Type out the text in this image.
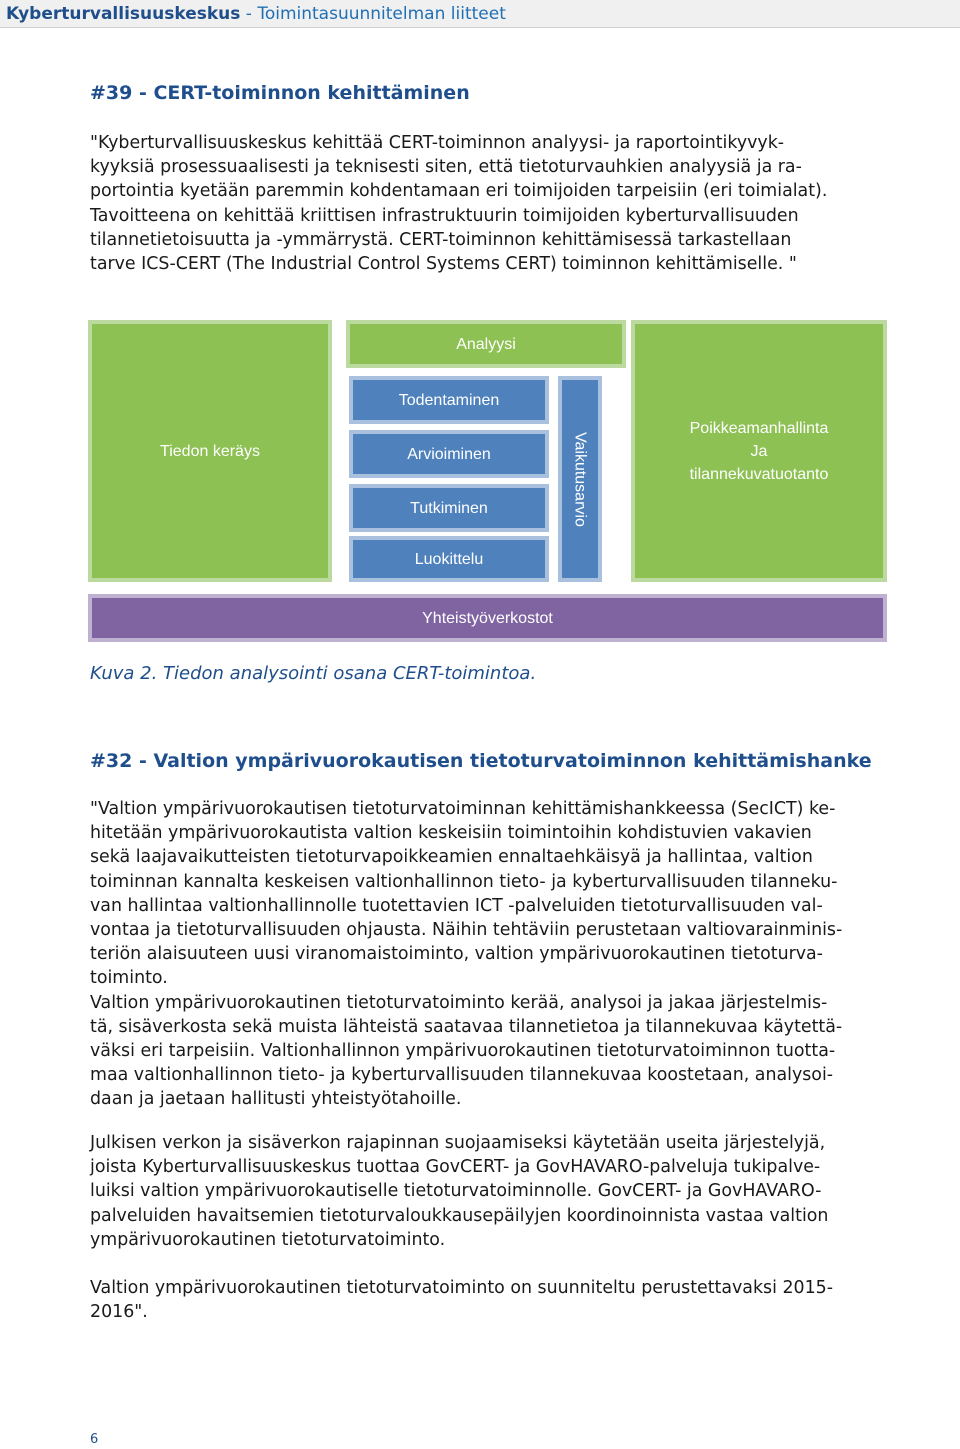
Kyberturvallisuuskeskus - Toimintasuunnitelman liitteet
#39 - CERT-toiminnon kehittäminen
"Kyberturvallisuuskeskus kehittää CERT-toiminnon analyysi- ja raportointikyvyk-
kyyksiä prosessuaalisesti ja teknisesti siten, että tietoturvauhkien analyysiä ja ra-
portointia kyetään paremmin kohdentamaan eri toimijoiden tarpeisiin (eri toimialat).
Tavoitteena on kehittää kriittisen infrastruktuurin toimijoiden kyberturvallisuuden
tilannetietoisuutta ja -ymmärrystä. CERT-toiminnon kehittämisessä tarkastellaan
tarve ICS-CERT (The Industrial Control Systems CERT) toiminnon kehittämiselle. "
Tiedon keräys
Analyysi
Todentaminen
Arvioiminen
Tutkiminen
Luokittelu
Vaikutusarvio
Poikkeamanhallinta
Ja
tilannekuvatuotanto
Yhteistyöverkostot
Kuva 2. Tiedon analysointi osana CERT-toimintoa.
#32 - Valtion ympärivuorokautisen tietoturvatoiminnon kehittämishanke
"Valtion ympärivuorokautisen tietoturvatoiminnan kehittämishankkeessa (SecICT) ke-
hitetään ympärivuorokautista valtion keskeisiin toimintoihin kohdistuvien vakavien
sekä laajavaikutteisten tietoturvapoikkeamien ennaltaehkäisyä ja hallintaa, valtion
toiminnan kannalta keskeisen valtionhallinnon tieto- ja kyberturvallisuuden tilanneku-
van hallintaa valtionhallinnolle tuotettavien ICT -palveluiden tietoturvallisuuden val-
vontaa ja tietoturvallisuuden ohjausta. Näihin tehtäviin perustetaan valtiovarainminis-
teriön alaisuuteen uusi viranomaistoiminto, valtion ympärivuorokautinen tietoturva-
toiminto.
Valtion ympärivuorokautinen tietoturvatoiminto kerää, analysoi ja jakaa järjestelmis-
tä, sisäverkosta sekä muista lähteistä saatavaa tilannetietoa ja tilannekuvaa käytettä-
väksi eri tarpeisiin. Valtionhallinnon ympärivuorokautinen tietoturvatoiminnon tuotta-
maa valtionhallinnon tieto- ja kyberturvallisuuden tilannekuvaa koostetaan, analysoi-
daan ja jaetaan hallitusti yhteistyötahoille.
Julkisen verkon ja sisäverkon rajapinnan suojaamiseksi käytetään useita järjestelyjä,
joista Kyberturvallisuuskeskus tuottaa GovCERT- ja GovHAVARO-palveluja tukipalve-
luiksi valtion ympärivuorokautiselle tietoturvatoiminnolle. GovCERT- ja GovHAVARO-
palveluiden havaitsemien tietoturvaloukkausepäilyjen koordinoinnista vastaa valtion
ympärivuorokautinen tietoturvatoiminto.
Valtion ympärivuorokautinen tietoturvatoiminto on suunniteltu perustettavaksi 2015-
2016".
6
